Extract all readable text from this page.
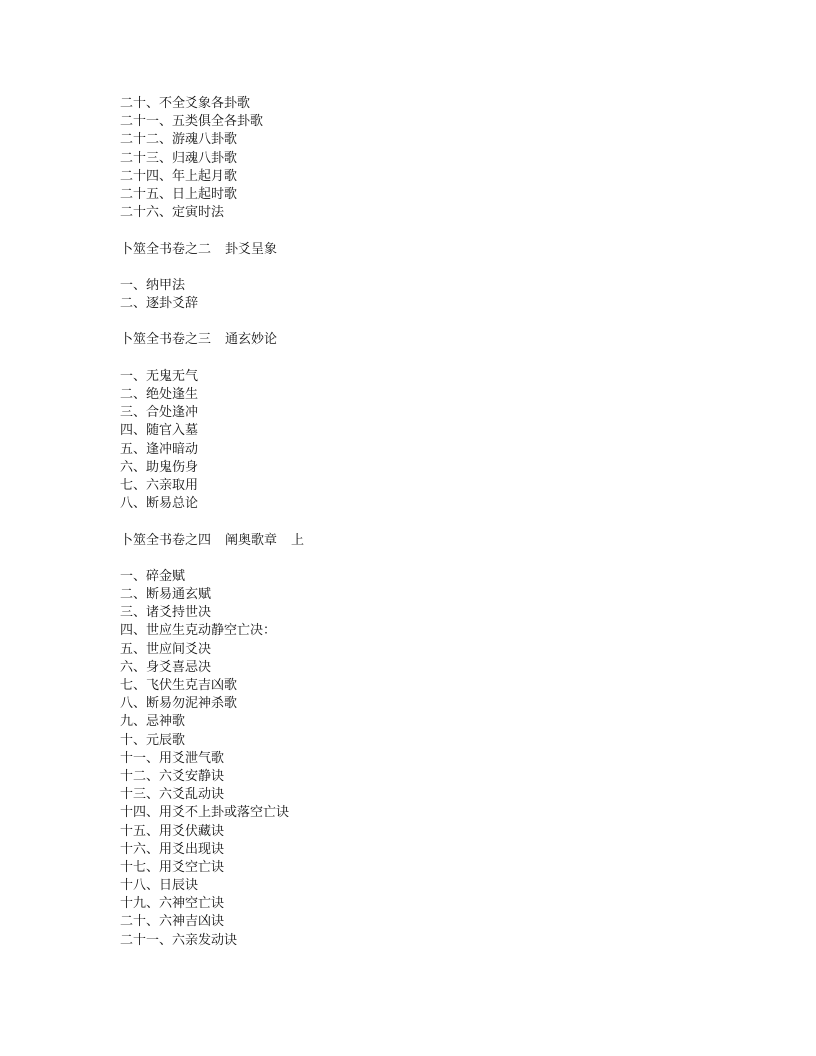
二十、不全爻象各卦歌
二十一、五类俱全各卦歌
二十二、游魂八卦歌
二十三、归魂八卦歌
二十四、年上起月歌
二十五、日上起时歌
二十六、定寅时法
卜筮全书卷之二 卦爻呈象
一、纳甲法
二、逐卦爻辞
卜筮全书卷之三 通玄妙论
一、无鬼无气
二、绝处逢生
三、合处逢冲
四、随官入墓
五、逢冲暗动
六、助鬼伤身
七、六亲取用
八、断易总论
卜筮全书卷之四 阐奥歌章 上
一、碎金赋
二、断易通玄赋
三、诸爻持世决
四、世应生克动静空亡决：
五、世应间爻决
六、身爻喜忌决
七、飞伏生克吉凶歌
八、断易勿泥神杀歌
九、忌神歌
十、元辰歌
十一、用爻泄气歌
十二、六爻安静诀
十三、六爻乱动诀
十四、用爻不上卦或落空亡诀
十五、用爻伏藏诀
十六、用爻出现诀
十七、用爻空亡诀
十八、日辰诀
十九、六神空亡诀
二十、六神吉凶诀
二十一、六亲发动诀
